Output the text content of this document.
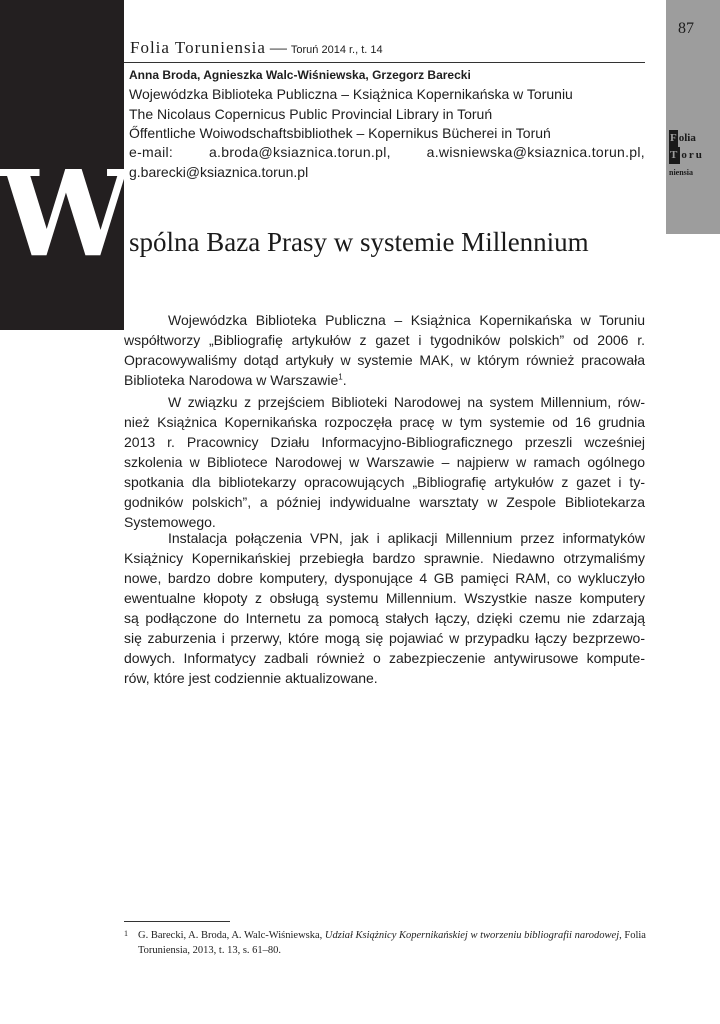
W
87
F olia
T oru
niensia
Folia Toruniensia — Toruń 2014 r., t. 14
Anna Broda, Agnieszka Walc-Wiśniewska, Grzegorz Barecki
Wojewódzka Biblioteka Publiczna – Książnica Kopernikańska w Toruniu
The Nicolaus Copernicus Public Provincial Library in Toruń
Őffentliche Woiwodschaftsbibliothek – Kopernikus Bücherei in Toruń
e-mail: a.broda@ksiaznica.torun.pl, a.wisniewska@ksiaznica.torun.pl,
g.barecki@ksiaznica.torun.pl
spólna Baza Prasy w systemie Millennium
Wojewódzka Biblioteka Publiczna – Książnica Kopernikańska w Toruniu
współtworzy „Bibliografię artykułów z gazet i tygodników polskich” od 2006 r.
Opracowywaliśmy dotąd artykuły w systemie MAK, w którym również pracowała
Biblioteka Narodowa w Warszawie$^1$.
W związku z przejściem Biblioteki Narodowej na system Millennium, rów-
nież Książnica Kopernikańska rozpoczęła pracę w tym systemie od 16 grudnia
2013 r. Pracownicy Działu Informacyjno-Bibliograficznego przeszli wcześniej
szkolenia w Bibliotece Narodowej w Warszawie – najpierw w ramach ogólnego
spotkania dla bibliotekarzy opracowujących „Bibliografię artykułów z gazet i ty-
godników polskich”, a później indywidualne warsztaty w Zespole Bibliotekarza
Systemowego.
Instalacja połączenia VPN, jak i aplikacji Millennium przez informatyków
Książnicy Kopernikańskiej przebiegła bardzo sprawnie. Niedawno otrzymaliśmy
nowe, bardzo dobre komputery, dysponujące 4 GB pamięci RAM, co wykluczyło
ewentualne kłopoty z obsługą systemu Millennium. Wszystkie nasze komputery
są podłączone do Internetu za pomocą stałych łączy, dzięki czemu nie zdarzają
się zaburzenia i przerwy, które mogą się pojawiać w przypadku łączy bezprzewo-
dowych. Informatycy zadbali również o zabezpieczenie antywirusowe kompute-
rów, które jest codziennie aktualizowane.
1 G. Barecki, A. Broda, A. Walc-Wiśniewska, Udział Książnicy Kopernikańskiej w tworzeniu bibliografii narodowej, Folia
Toruniensia, 2013, t. 13, s. 61–80.
